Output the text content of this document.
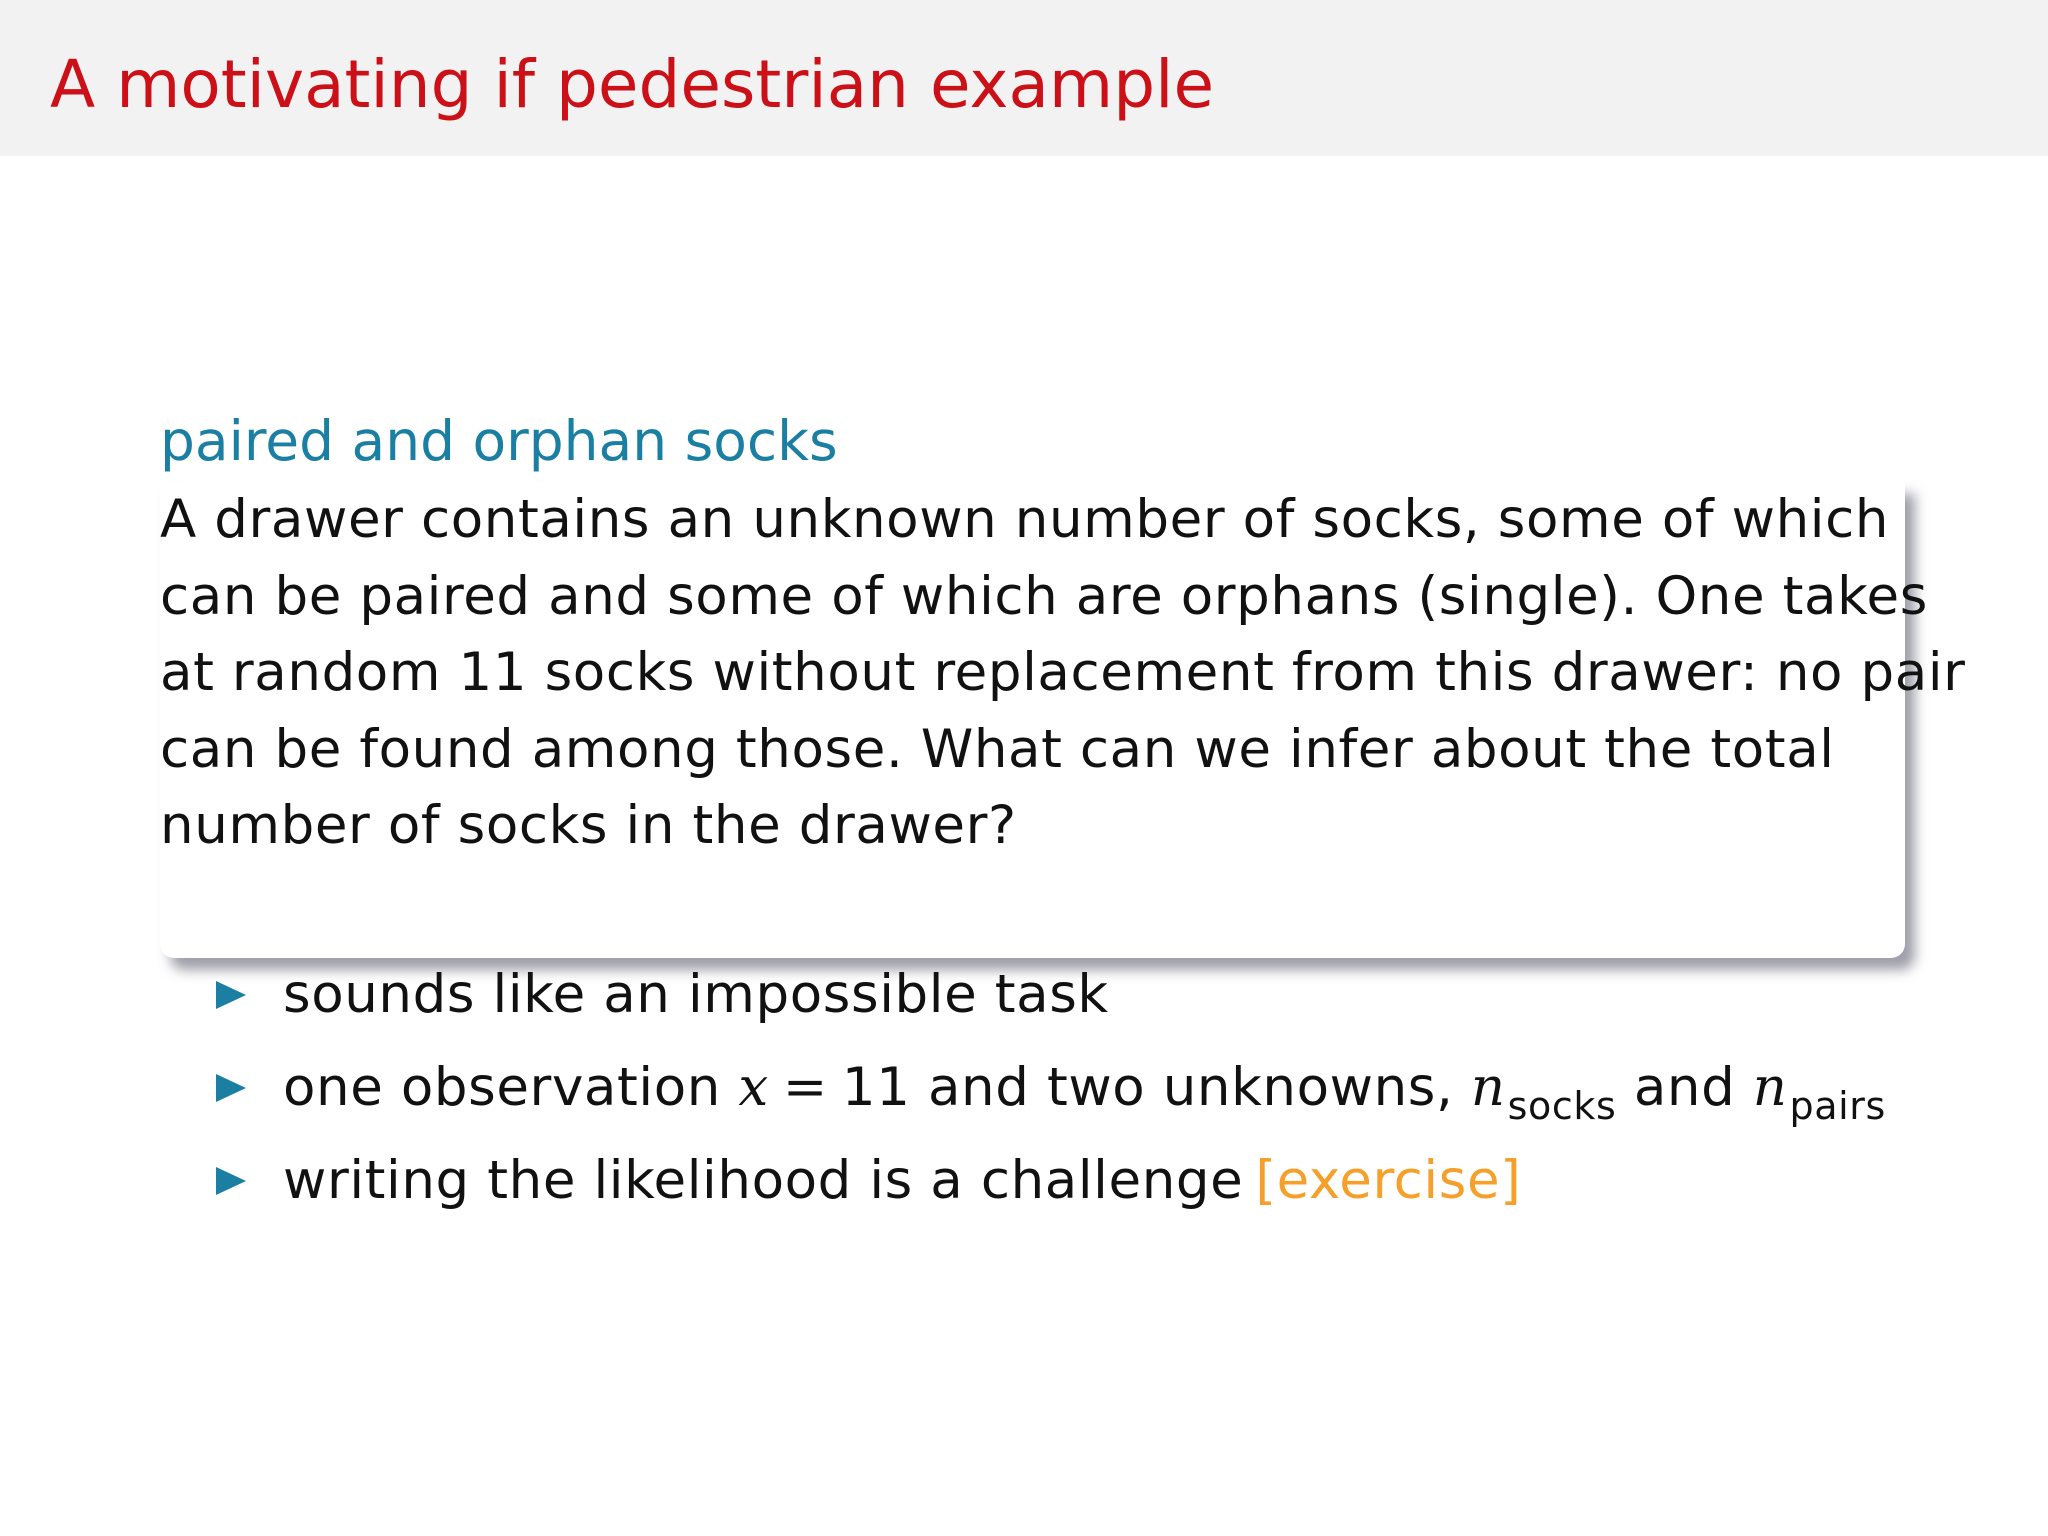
A motivating if pedestrian example
paired and orphan socks
A drawer contains an unknown number of socks, some of which
can be paired and some of which are orphans (single). One takes
at random 11 socks without replacement from this drawer: no pair
can be found among those. What can we infer about the total
number of socks in the drawer?
sounds like an impossible task
one observation x = 11 and two unknowns, $n_{socks}$ and $n_{pairs}$
writing the likelihood is a challenge [exercise]
